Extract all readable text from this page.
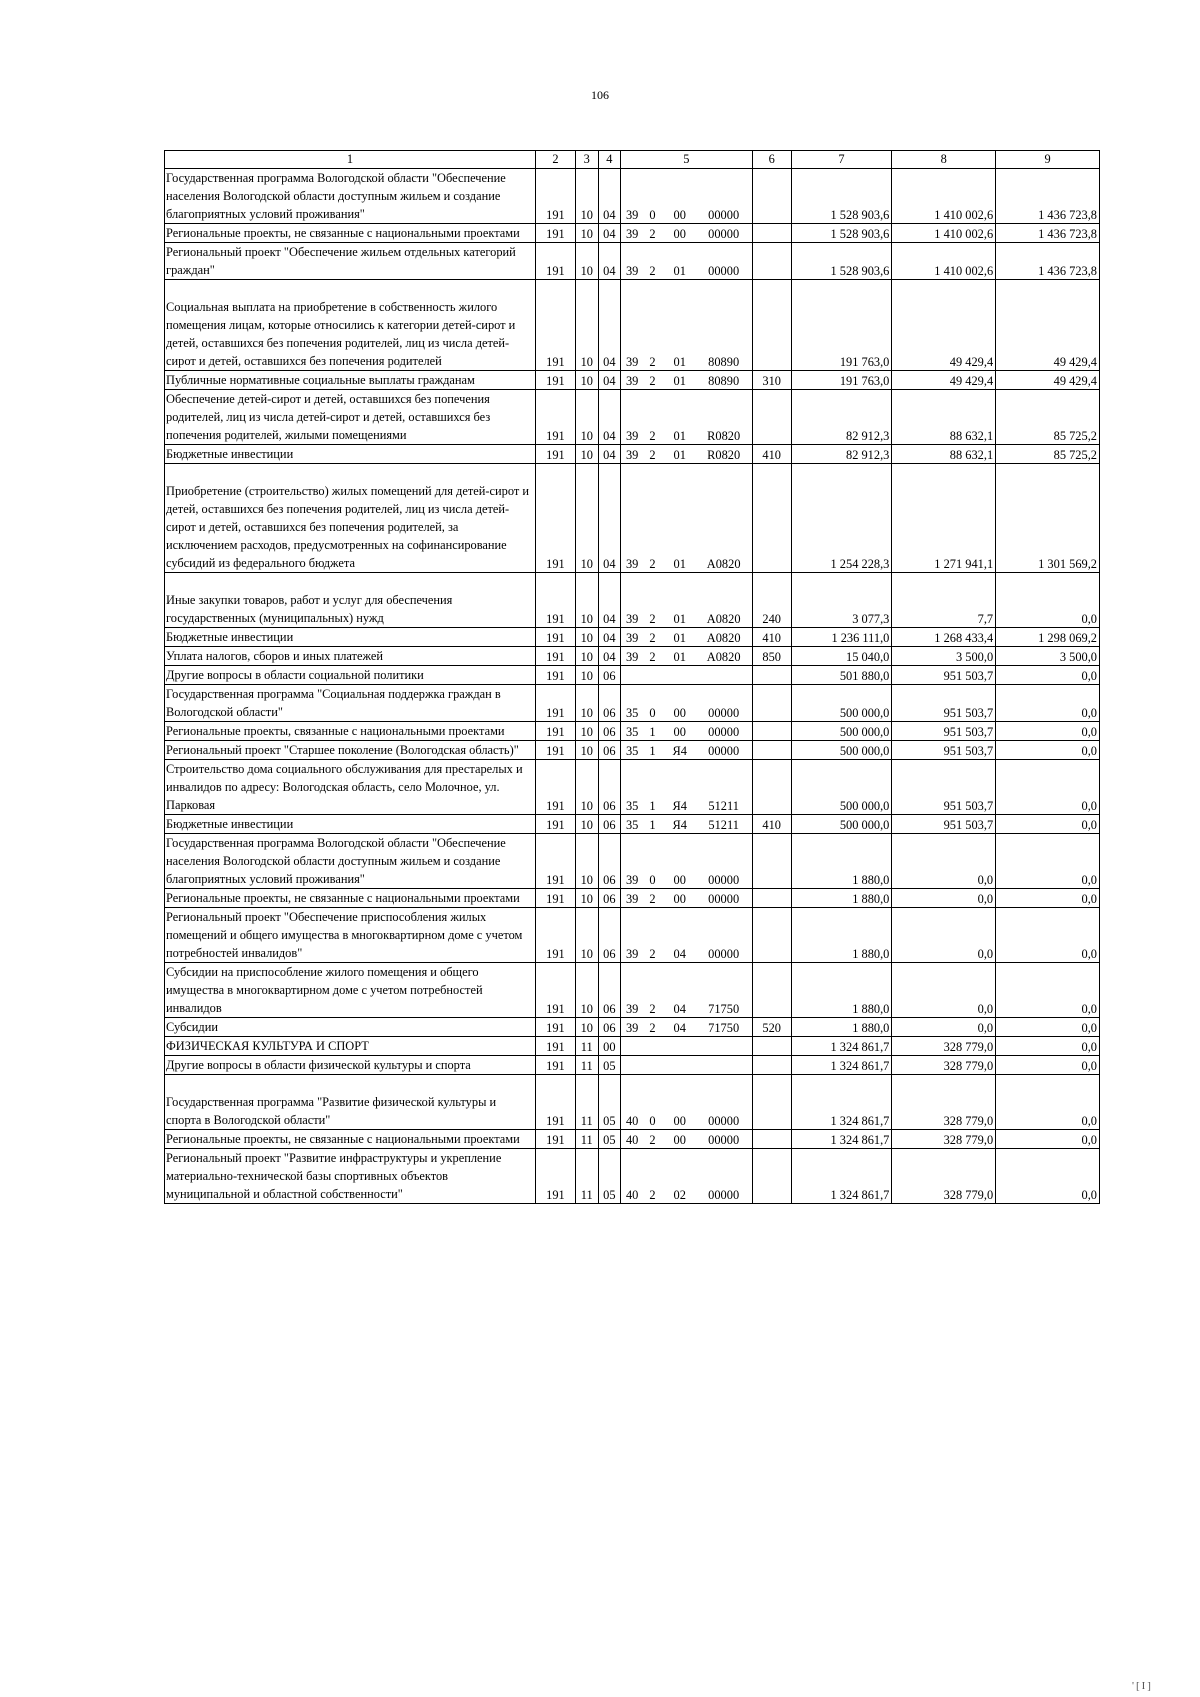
106
1	2	3	4	5				6	7	8	9
Государственная программа Вологодской области "Обеспечение населения Вологодской области доступным жильем и создание благоприятных условий проживания"	191	10	04	39	0	00	00000		1 528 903,6	1 410 002,6	1 436 723,8
Региональные проекты, не связанные с национальными проектами	191	10	04	39	2	00	00000		1 528 903,6	1 410 002,6	1 436 723,8
Региональный проект "Обеспечение жильем отдельных категорий граждан"	191	10	04	39	2	01	00000		1 528 903,6	1 410 002,6	1 436 723,8
Социальная выплата на приобретение в собственность жилого помещения лицам, которые относились к категории детей-сирот и детей, оставшихся без попечения родителей, лиц из числа детей-сирот и детей, оставшихся без попечения родителей	191	10	04	39	2	01	80890		191 763,0	49 429,4	49 429,4
Публичные нормативные социальные выплаты гражданам	191	10	04	39	2	01	80890	310	191 763,0	49 429,4	49 429,4
Обеспечение детей-сирот и детей, оставшихся без попечения родителей, лиц из числа детей-сирот и детей, оставшихся без попечения родителей, жилыми помещениями	191	10	04	39	2	01	R0820		82 912,3	88 632,1	85 725,2
Бюджетные инвестиции	191	10	04	39	2	01	R0820	410	82 912,3	88 632,1	85 725,2
Приобретение (строительство) жилых помещений для детей-сирот и детей, оставшихся без попечения родителей, лиц из числа детей-сирот и детей, оставшихся без попечения родителей, за исключением расходов, предусмотренных на софинансирование субсидий из федерального бюджета	191	10	04	39	2	01	A0820		1 254 228,3	1 271 941,1	1 301 569,2
Иные закупки товаров, работ и услуг для обеспечения государственных (муниципальных) нужд	191	10	04	39	2	01	A0820	240	3 077,3	7,7	0,0
Бюджетные инвестиции	191	10	04	39	2	01	A0820	410	1 236 111,0	1 268 433,4	1 298 069,2
Уплата налогов, сборов и иных платежей	191	10	04	39	2	01	A0820	850	15 040,0	3 500,0	3 500,0
Другие вопросы в области социальной политики	191	10	06						501 880,0	951 503,7	0,0
Государственная программа "Социальная поддержка граждан в Вологодской области"	191	10	06	35	0	00	00000		500 000,0	951 503,7	0,0
Региональные проекты, связанные с национальными проектами	191	10	06	35	1	00	00000		500 000,0	951 503,7	0,0
Региональный проект "Старшее поколение (Вологодская область)"	191	10	06	35	1	Я4	00000		500 000,0	951 503,7	0,0
Строительство дома социального обслуживания для престарелых и инвалидов по адресу: Вологодская область, село Молочное, ул. Парковая	191	10	06	35	1	Я4	51211		500 000,0	951 503,7	0,0
Бюджетные инвестиции	191	10	06	35	1	Я4	51211	410	500 000,0	951 503,7	0,0
Государственная программа Вологодской области "Обеспечение населения Вологодской области доступным жильем и создание благоприятных условий проживания"	191	10	06	39	0	00	00000		1 880,0	0,0	0,0
Региональные проекты, не связанные с национальными проектами	191	10	06	39	2	00	00000		1 880,0	0,0	0,0
Региональный проект "Обеспечение приспособления жилых помещений и общего имущества в многоквартирном доме с учетом потребностей инвалидов"	191	10	06	39	2	04	00000		1 880,0	0,0	0,0
Субсидии на приспособление жилого помещения и общего имущества в многоквартирном доме с учетом потребностей инвалидов	191	10	06	39	2	04	71750		1 880,0	0,0	0,0
Субсидии	191	10	06	39	2	04	71750	520	1 880,0	0,0	0,0
ФИЗИЧЕСКАЯ КУЛЬТУРА И СПОРТ	191	11	00						1 324 861,7	328 779,0	0,0
Другие вопросы в области физической культуры и спорта	191	11	05						1 324 861,7	328 779,0	0,0
Государственная программа "Развитие физической культуры и спорта в Вологодской области"	191	11	05	40	0	00	00000		1 324 861,7	328 779,0	0,0
Региональные проекты, не связанные с национальными проектами	191	11	05	40	2	00	00000		1 324 861,7	328 779,0	0,0
Региональный проект "Развитие инфраструктуры и укрепление материально-технической базы спортивных объектов муниципальной и областной собственности"	191	11	05	40	2	02	00000		1 324 861,7	328 779,0	0,0
'[I]
